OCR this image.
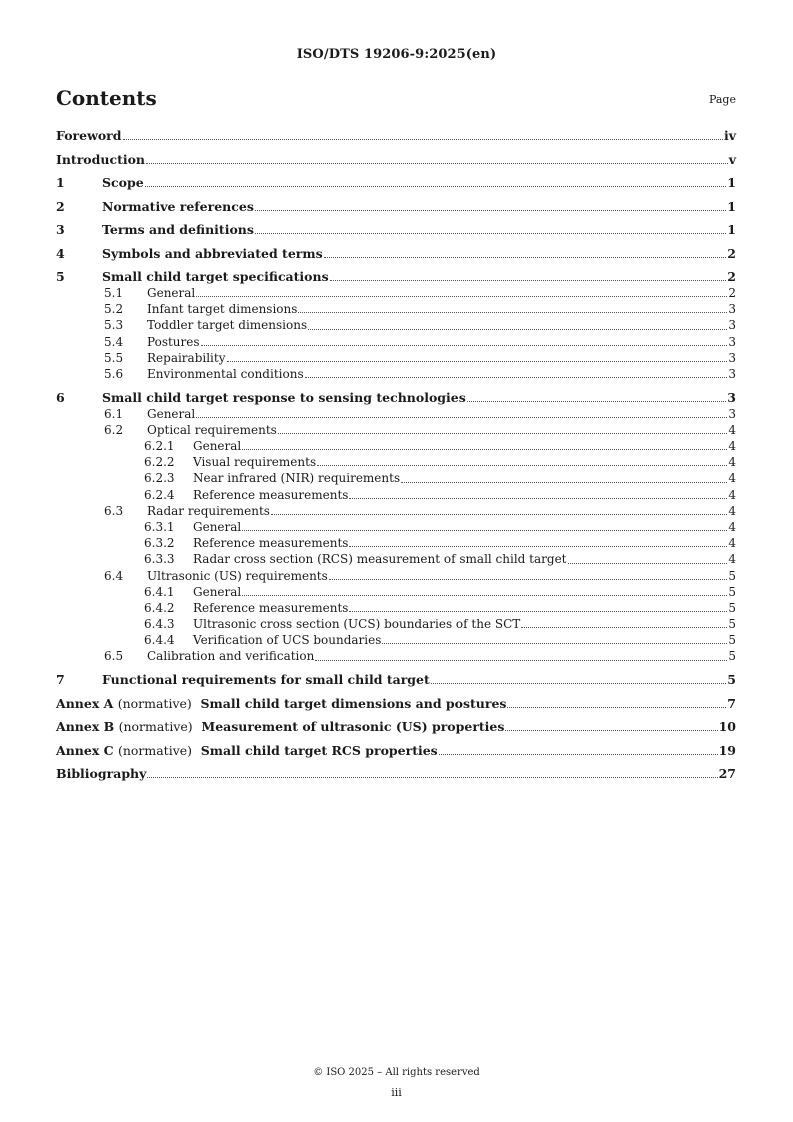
ISO/DTS 19206-9:2025(en)
Contents	Page
Foreword	iv
Introduction	v
1	Scope	1
2	Normative references	1
3	Terms and definitions	1
4	Symbols and abbreviated terms	2
5	Small child target specifications	2
5.1	General	2
5.2	Infant target dimensions	3
5.3	Toddler target dimensions	3
5.4	Postures	3
5.5	Repairability	3
5.6	Environmental conditions	3
6	Small child target response to sensing technologies	3
6.1	General	3
6.2	Optical requirements	4
6.2.1	General	4
6.2.2	Visual requirements	4
6.2.3	Near infrared (NIR) requirements	4
6.2.4	Reference measurements	4
6.3	Radar requirements	4
6.3.1	General	4
6.3.2	Reference measurements	4
6.3.3	Radar cross section (RCS) measurement of small child target	4
6.4	Ultrasonic (US) requirements	5
6.4.1	General	5
6.4.2	Reference measurements	5
6.4.3	Ultrasonic cross section (UCS) boundaries of the SCT	5
6.4.4	Verification of UCS boundaries	5
6.5	Calibration and verification	5
7	Functional requirements for small child target	5
Annex A (normative) Small child target dimensions and postures	7
Annex B (normative) Measurement of ultrasonic (US) properties	10
Annex C (normative) Small child target RCS properties	19
Bibliography	27
© ISO 2025 – All rights reserved
iii
